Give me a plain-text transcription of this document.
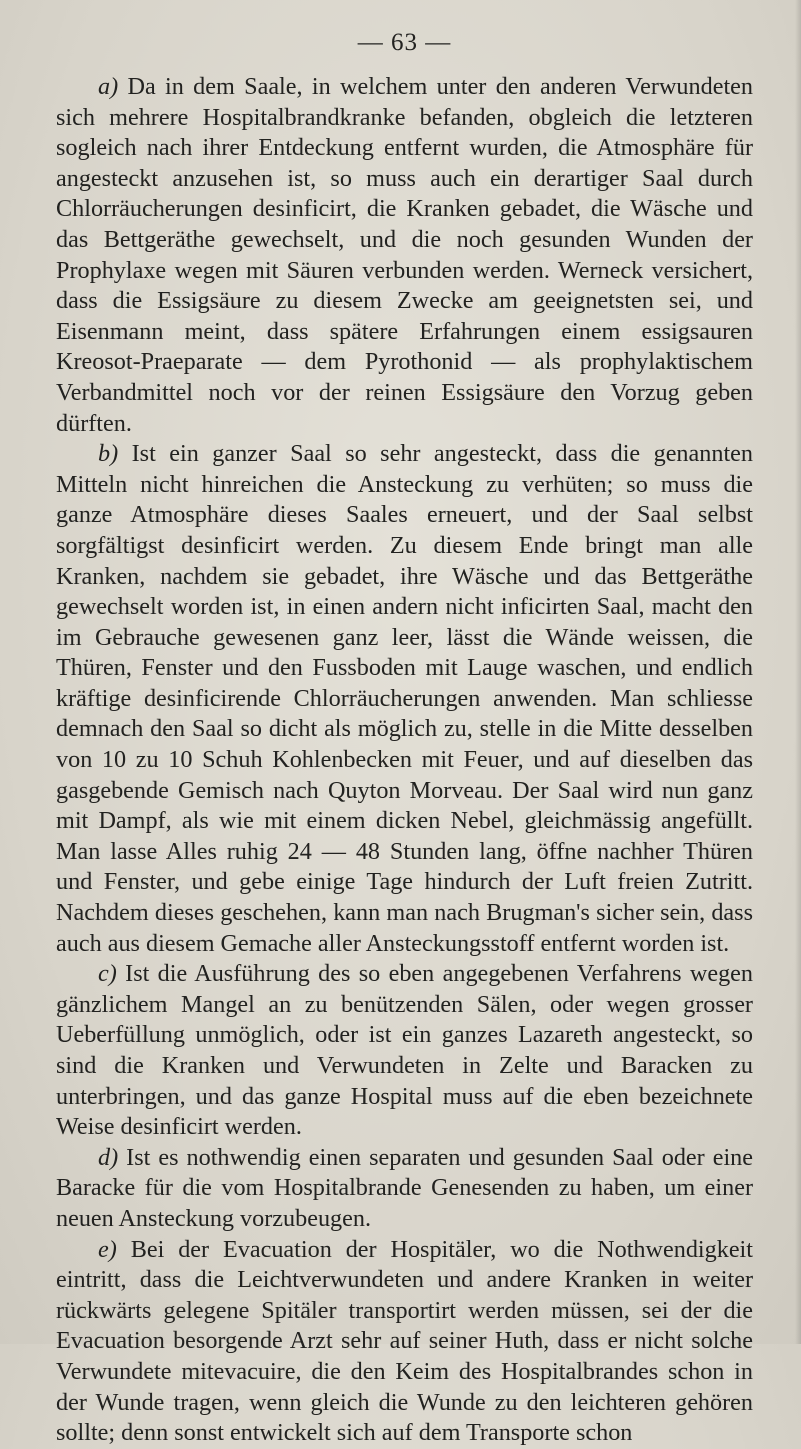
— 63 —

a) Da in dem Saale, in welchem unter den anderen Verwundeten sich mehrere Hospitalbrandkranke befanden, obgleich die letzteren sogleich nach ihrer Entdeckung entfernt wurden, die Atmosphäre für angesteckt anzusehen ist, so muss auch ein derartiger Saal durch Chlorräucherungen desinficirt, die Kranken gebadet, die Wäsche und das Bettgeräthe gewechselt, und die noch gesunden Wunden der Prophylaxe wegen mit Säuren verbunden werden. Werneck versichert, dass die Essigsäure zu diesem Zwecke am geeignetsten sei, und Eisenmann meint, dass spätere Erfahrungen einem essigsauren Kreosot-Praeparate — dem Pyrothonid — als prophylaktischem Verbandmittel noch vor der reinen Essigsäure den Vorzug geben dürften.

b) Ist ein ganzer Saal so sehr angesteckt, dass die genannten Mitteln nicht hinreichen die Ansteckung zu verhüten; so muss die ganze Atmosphäre dieses Saales erneuert, und der Saal selbst sorgfältigst desinficirt werden. Zu diesem Ende bringt man alle Kranken, nachdem sie gebadet, ihre Wäsche und das Bettgeräthe gewechselt worden ist, in einen andern nicht inficirten Saal, macht den im Gebrauche gewesenen ganz leer, lässt die Wände weissen, die Thüren, Fenster und den Fussboden mit Lauge waschen, und endlich kräftige desinficirende Chlorräucherungen anwenden. Man schliesse demnach den Saal so dicht als möglich zu, stelle in die Mitte desselben von 10 zu 10 Schuh Kohlenbecken mit Feuer, und auf dieselben das gasgebende Gemisch nach Quyton Morveau. Der Saal wird nun ganz mit Dampf, als wie mit einem dicken Nebel, gleichmässig angefüllt. Man lasse Alles ruhig 24 — 48 Stunden lang, öffne nachher Thüren und Fenster, und gebe einige Tage hindurch der Luft freien Zutritt. Nachdem dieses geschehen, kann man nach Brugman's sicher sein, dass auch aus diesem Gemache aller Ansteckungsstoff entfernt worden ist.

c) Ist die Ausführung des so eben angegebenen Verfahrens wegen gänzlichem Mangel an zu benützenden Sälen, oder wegen grosser Ueberfüllung unmöglich, oder ist ein ganzes Lazareth angesteckt, so sind die Kranken und Verwundeten in Zelte und Baracken zu unterbringen, und das ganze Hospital muss auf die eben bezeichnete Weise desinficirt werden.

d) Ist es nothwendig einen separaten und gesunden Saal oder eine Baracke für die vom Hospitalbrande Genesenden zu haben, um einer neuen Ansteckung vorzubeugen.

e) Bei der Evacuation der Hospitäler, wo die Nothwendigkeit eintritt, dass die Leichtverwundeten und andere Kranken in weiter rückwärts gelegene Spitäler transportirt werden müssen, sei der die Evacuation besorgende Arzt sehr auf seiner Huth, dass er nicht solche Verwundete mitevacuire, die den Keim des Hospitalbrandes schon in der Wunde tragen, wenn gleich die Wunde zu den leichteren gehören sollte; denn sonst entwickelt sich auf dem Transporte schon
